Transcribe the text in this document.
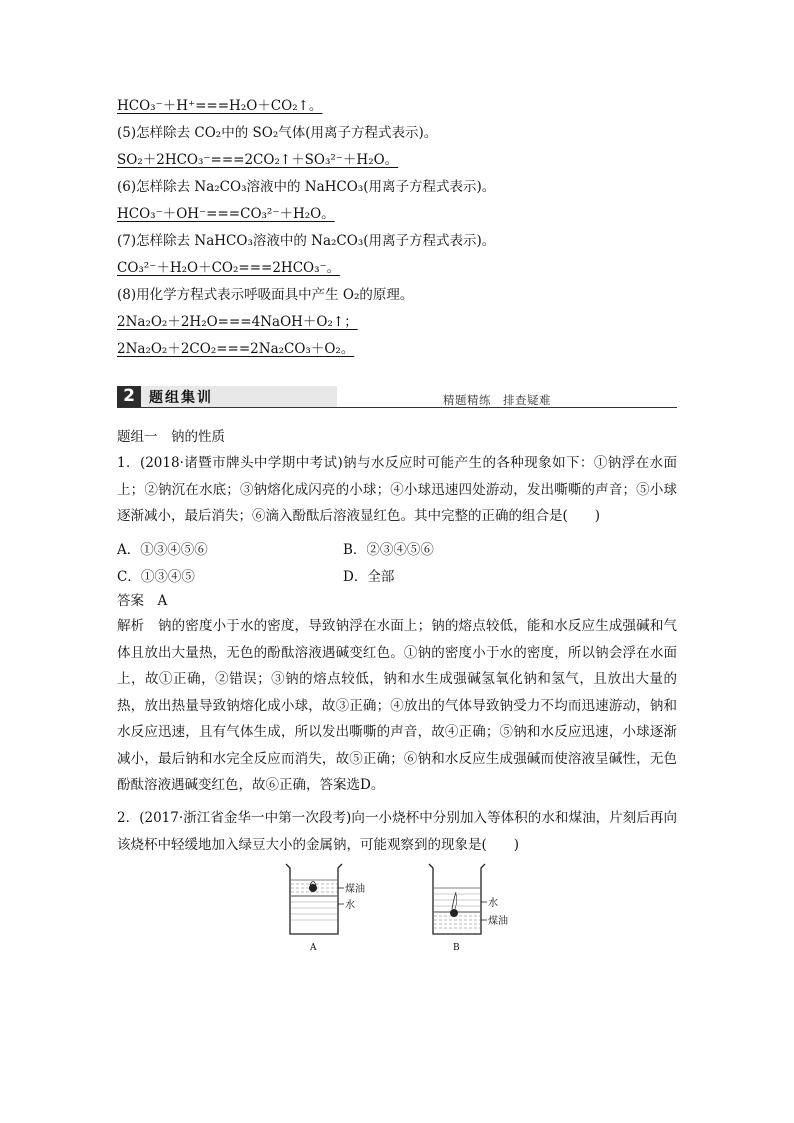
HCO₃⁻＋H⁺===H₂O＋CO₂↑。
(5)怎样除去 CO₂中的 SO₂气体(用离子方程式表示)。
SO₂＋2HCO₃⁻===2CO₂↑＋SO₃²⁻＋H₂O。
(6)怎样除去 Na₂CO₃溶液中的 NaHCO₃(用离子方程式表示)。
HCO₃⁻＋OH⁻===CO₃²⁻＋H₂O。
(7)怎样除去 NaHCO₃溶液中的 Na₂CO₃(用离子方程式表示)。
CO₃²⁻＋H₂O＋CO₂===2HCO₃⁻。
(8)用化学方程式表示呼吸面具中产生 O₂的原理。
2Na₂O₂＋2H₂O===4NaOH＋O₂↑；
2Na₂O₂＋2CO₂===2Na₂CO₃＋O₂。
2	题组集训	精题精练　排查疑难
题组一　钠的性质
1．(2018·诸暨市牌头中学期中考试)钠与水反应时可能产生的各种现象如下：①钠浮在水面上；②钠沉在水底；③钠熔化成闪亮的小球；④小球迅速四处游动，发出嘶嘶的声音；⑤小球逐渐减小，最后消失；⑥滴入酚酞后溶液显红色。其中完整的正确的组合是(　　)
A．①③④⑤⑥	B．②③④⑤⑥
C．①③④⑤	D．全部
答案　A
解析　钠的密度小于水的密度，导致钠浮在水面上；钠的熔点较低，能和水反应生成强碱和气体且放出大量热，无色的酚酞溶液遇碱变红色。①钠的密度小于水的密度，所以钠会浮在水面上，故①正确，②错误；③钠的熔点较低，钠和水生成强碱氢氧化钠和氢气，且放出大量的热，放出热量导致钠熔化成小球，故③正确；④放出的气体导致钠受力不均而迅速游动，钠和水反应迅速，且有气体生成，所以发出嘶嘶的声音，故④正确；⑤钠和水反应迅速，小球逐渐减小，最后钠和水完全反应而消失，故⑤正确；⑥钠和水反应生成强碱而使溶液呈碱性，无色酚酞溶液遇碱变红色，故⑥正确，答案选D。
2．(2017·浙江省金华一中第一次段考)向一小烧杯中分别加入等体积的水和煤油，片刻后再向该烧杯中轻缓地加入绿豆大小的金属钠，可能观察到的现象是(　　)
煤油
水
A
水
煤油
B
